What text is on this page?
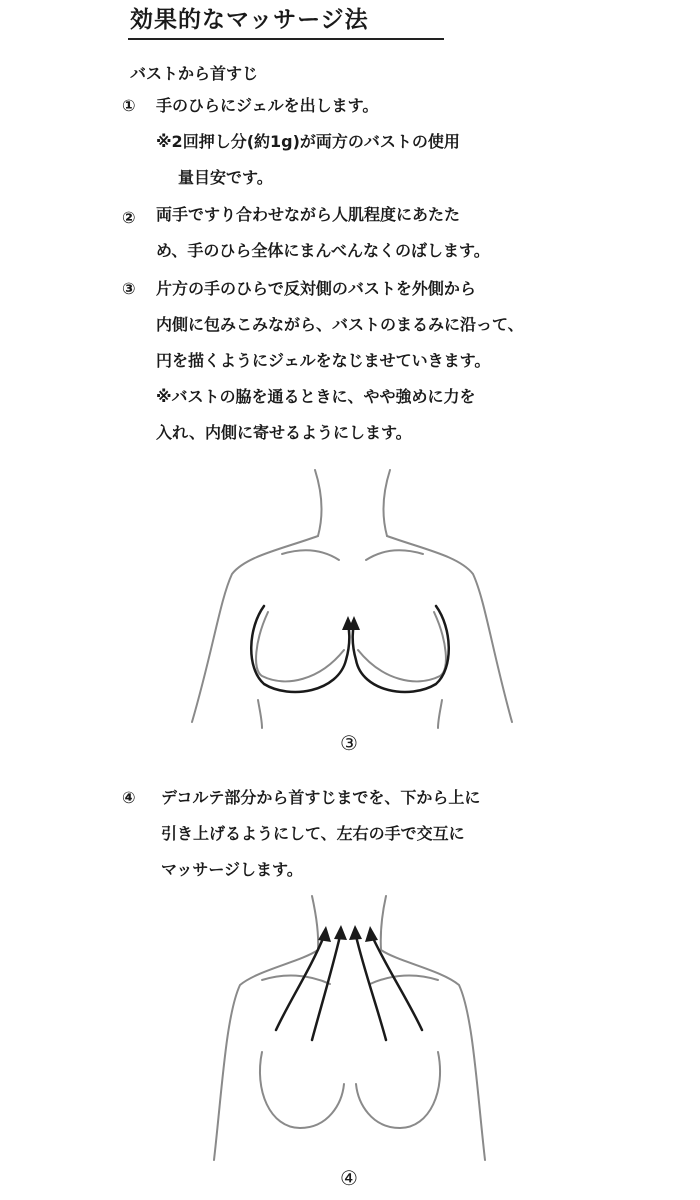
効果的なマッサージ法
バストから首すじ
① 手のひらにジェルを出します。
※2回押し分(約1g)が両方のバストの使用
量目安です。
② 両手ですり合わせながら人肌程度にあたた
め、手のひら全体にまんべんなくのばします。
③ 片方の手のひらで反対側のバストを外側から
内側に包みこみながら、バストのまるみに沿って、
円を描くようにジェルをなじませていきます。
※バストの脇を通るときに、やや強めに力を
入れ、内側に寄せるようにします。
③
④ デコルテ部分から首すじまでを、下から上に
引き上げるようにして、左右の手で交互に
マッサージします。
④
